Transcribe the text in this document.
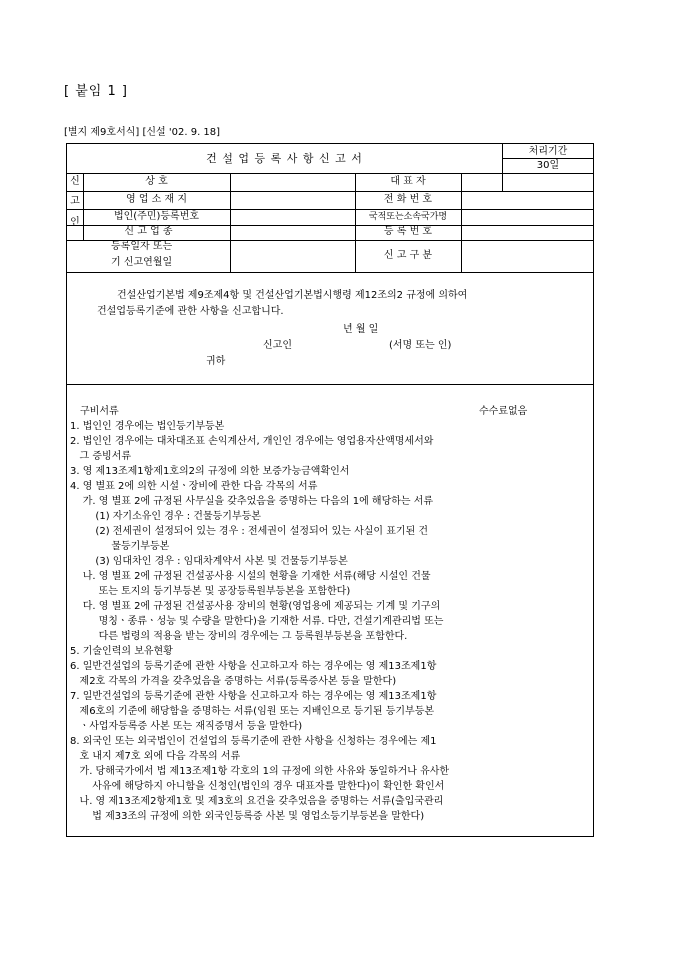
[ 붙임 1 ]
[별지 제9호서식] [신설 '02. 9. 18]
건 설 업 등 록 사 항 신 고 서
처리기간
30일
신
고
인
상 호	대 표 자
영 업 소 재 지	전 화 번 호
법인(주민)등록번호	국적또는소속국가명
신 고 업 종	등 록 번 호
등록일자 또는
기 신고연월일
신 고 구 분
건설산업기본법 제9조제4항 및 건설산업기본법시행령 제12조의2 규정에 의하여
건설업등록기준에 관한 사항을 신고합니다.
년 월 일
신고인	(서명 또는 인)
귀하
구비서류	수수료없음
1. 법인인 경우에는 법인등기부등본
2. 법인인 경우에는 대차대조표 손익계산서, 개인인 경우에는 영업용자산액명세서와
그 증빙서류
3. 영 제13조제1항제1호의2의 규정에 의한 보증가능금액확인서
4. 영 별표 2에 의한 시설ㆍ장비에 관한 다음 각목의 서류
가. 영 별표 2에 규정된 사무실을 갖추었음을 증명하는 다음의 1에 해당하는 서류
(1) 자기소유인 경우 : 건물등기부등본
(2) 전세권이 설정되어 있는 경우 : 전세권이 설정되어 있는 사실이 표기된 건
물등기부등본
(3) 임대차인 경우 : 임대차계약서 사본 및 건물등기부등본
나. 영 별표 2에 규정된 건설공사용 시설의 현황을 기재한 서류(해당 시설인 건물
또는 토지의 등기부등본 및 공장등록원부등본을 포함한다)
다. 영 별표 2에 규정된 건설공사용 장비의 현황(영업용에 제공되는 기계 및 기구의
명칭ㆍ종류ㆍ성능 및 수량을 말한다)을 기재한 서류. 다만, 건설기계관리법 또는
다른 법령의 적용을 받는 장비의 경우에는 그 등록원부등본을 포함한다.
5. 기술인력의 보유현황
6. 일반건설업의 등록기준에 관한 사항을 신고하고자 하는 경우에는 영 제13조제1항
제2호 각목의 가격을 갖추었음을 증명하는 서류(등록증사본 등을 말한다)
7. 일반건설업의 등록기준에 관한 사항을 신고하고자 하는 경우에는 영 제13조제1항
제6호의 기준에 해당함을 증명하는 서류(임원 또는 지배인으로 등기된 등기부등본
ㆍ사업자등록증 사본 또는 재직증명서 등을 말한다)
8. 외국인 또는 외국법인이 건설업의 등록기준에 관한 사항을 신청하는 경우에는 제1
호 내지 제7호 외에 다음 각목의 서류
가. 당해국가에서 법 제13조제1항 각호의 1의 규정에 의한 사유와 동일하거나 유사한
사유에 해당하지 아니함을 신청인(법인의 경우 대표자를 말한다)이 확인한 확인서
나. 영 제13조제2항제1호 및 제3호의 요건을 갖추었음을 증명하는 서류(출입국관리
법 제33조의 규정에 의한 외국인등록증 사본 및 영업소등기부등본을 말한다)
